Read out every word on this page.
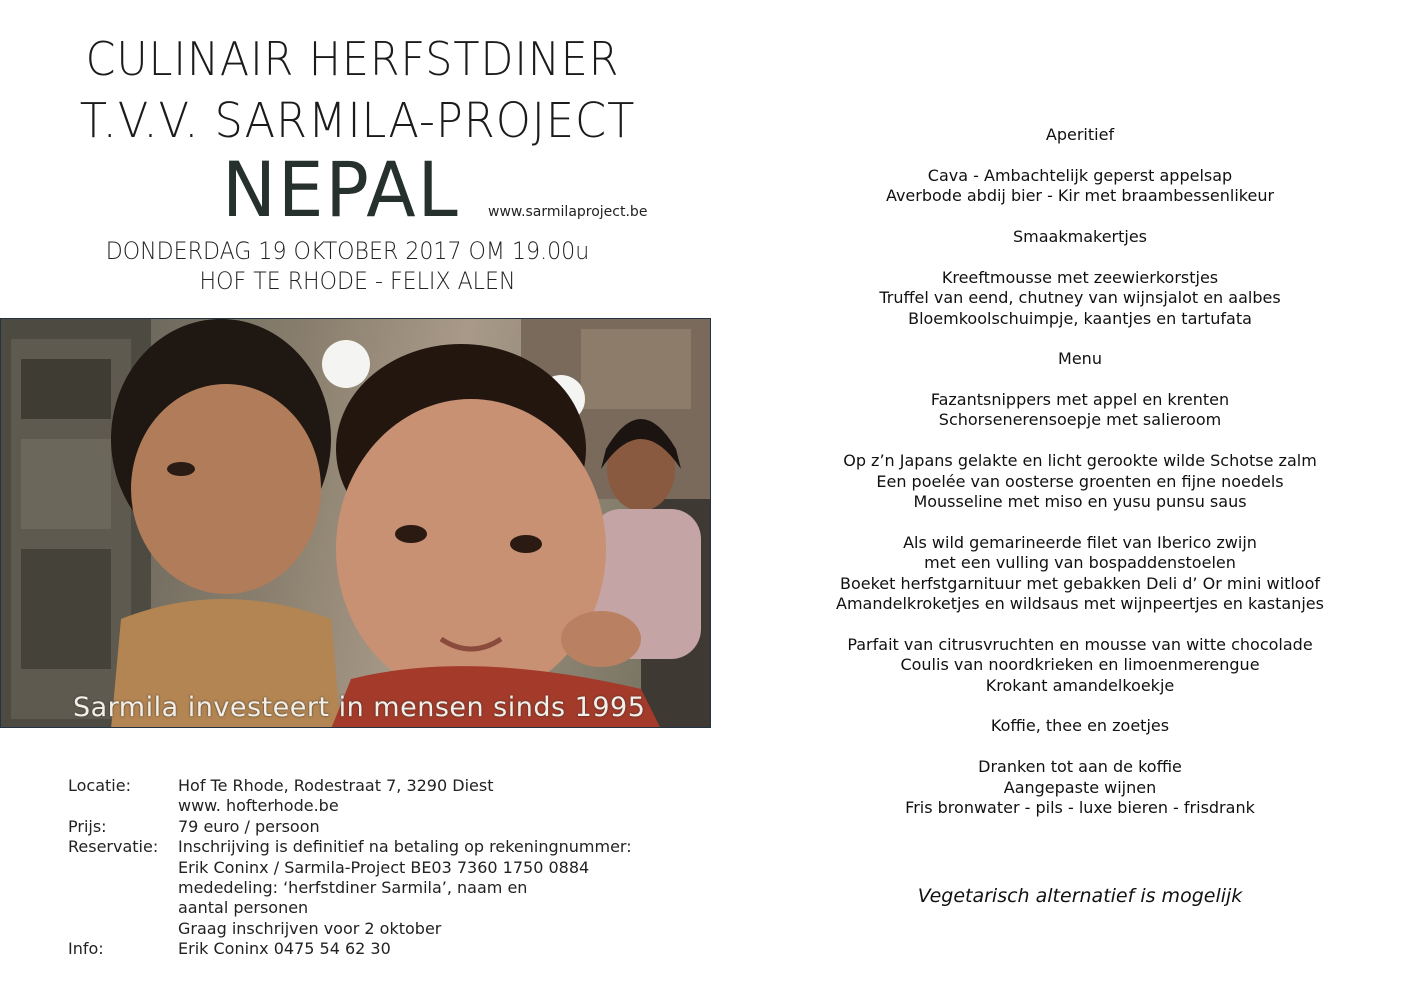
CULINAIR HERFSTDINER
T.V.V. SARMILA-PROJECT
NEPAL www.sarmilaproject.be
DONDERDAG 19 OKTOBER 2017 OM 19.00u
HOF TE RHODE - FELIX ALEN
Sarmila investeert in mensen sinds 1995
Locatie:	Hof Te Rhode, Rodestraat 7, 3290 Diest
www. hofterhode.be
Prijs:	79 euro / persoon
Reservatie:	Inschrijving is definitief na betaling op rekeningnummer:
Erik Coninx / Sarmila-Project BE03 7360 1750 0884
mededeling: ‘herfstdiner Sarmila’, naam en
aantal personen
Graag inschrijven voor 2 oktober
Info:	Erik Coninx 0475 54 62 30
Aperitief
Cava - Ambachtelijk geperst appelsap
Averbode abdij bier - Kir met braambessenlikeur
Smaakmakertjes
Kreeftmousse met zeewierkorstjes
Truffel van eend, chutney van wijnsjalot en aalbes
Bloemkoolschuimpje, kaantjes en tartufata
Menu
Fazantsnippers met appel en krenten
Schorsenerensoepje met salieroom
Op z’n Japans gelakte en licht gerookte wilde Schotse zalm
Een poelée van oosterse groenten en fijne noedels
Mousseline met miso en yusu punsu saus
Als wild gemarineerde filet van Iberico zwijn
met een vulling van bospaddenstoelen
Boeket herfstgarnituur met gebakken Deli d’ Or mini witloof
Amandelkroketjes en wildsaus met wijnpeertjes en kastanjes
Parfait van citrusvruchten en mousse van witte chocolade
Coulis van noordkrieken en limoenmerengue
Krokant amandelkoekje
Koffie, thee en zoetjes
Dranken tot aan de koffie
Aangepaste wijnen
Fris bronwater - pils - luxe bieren - frisdrank
Vegetarisch alternatief is mogelijk
